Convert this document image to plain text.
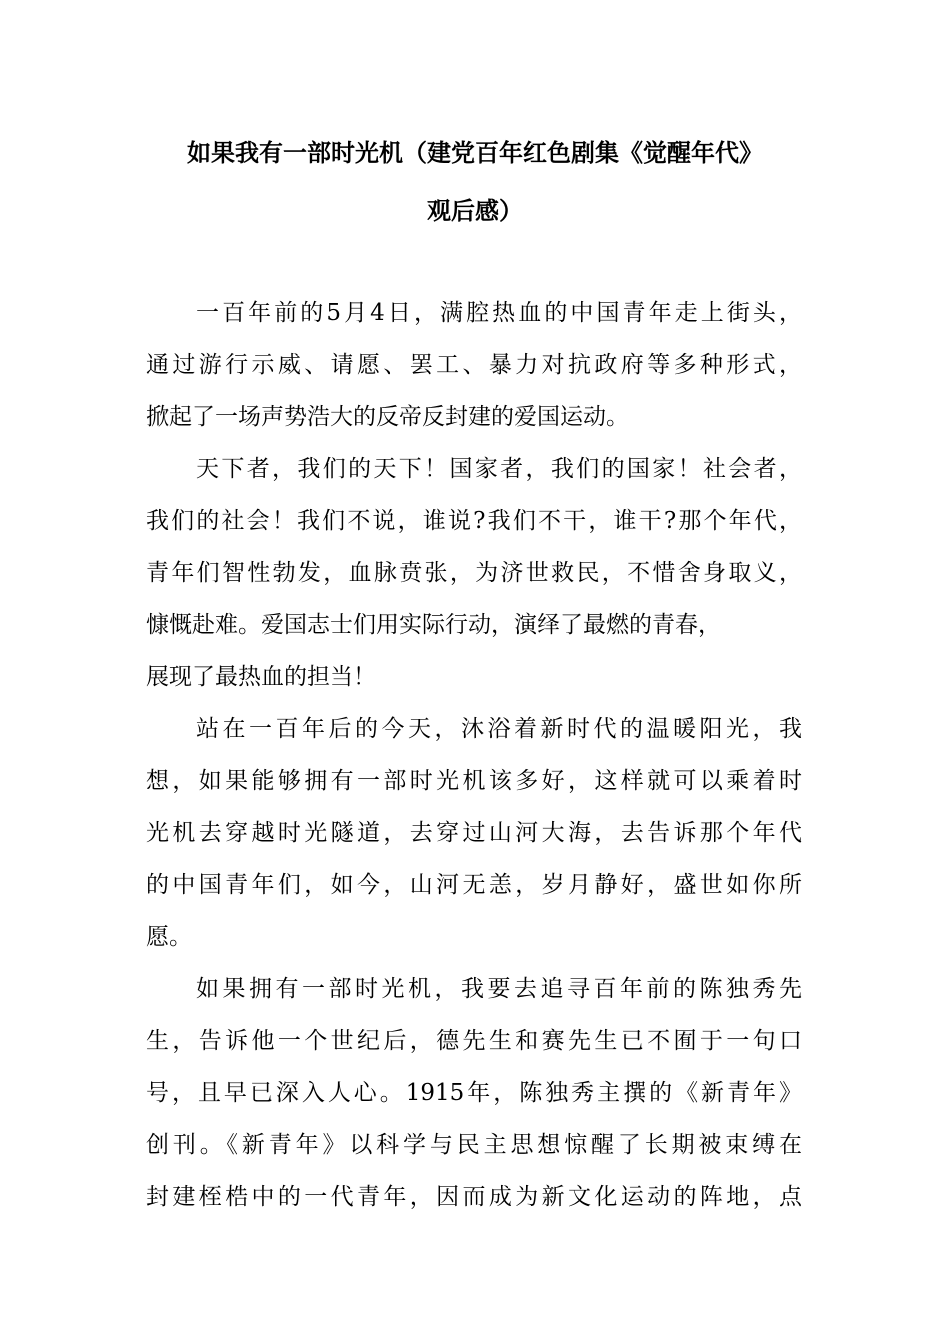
如果我有一部时光机（建党百年红色剧集《觉醒年代》
观后感）
一百年前的5月4日，满腔热血的中国青年走上街头，
通过游行示威、请愿、罢工、暴力对抗政府等多种形式，
掀起了一场声势浩大的反帝反封建的爱国运动。
天下者，我们的天下！国家者，我们的国家！社会者，
我们的社会！我们不说，谁说?我们不干，谁干?那个年代，
青年们智性勃发，血脉贲张，为济世救民，不惜舍身取义，
慷慨赴难。爱国志士们用实际行动，演绎了最燃的青春，
展现了最热血的担当！
站在一百年后的今天，沐浴着新时代的温暖阳光，我
想，如果能够拥有一部时光机该多好，这样就可以乘着时
光机去穿越时光隧道，去穿过山河大海，去告诉那个年代
的中国青年们，如今，山河无恙，岁月静好，盛世如你所
愿。
如果拥有一部时光机，我要去追寻百年前的陈独秀先
生，告诉他一个世纪后，德先生和赛先生已不囿于一句口
号，且早已深入人心。1915年，陈独秀主撰的《新青年》
创刊。《新青年》以科学与民主思想惊醒了长期被束缚在
封建桎梏中的一代青年，因而成为新文化运动的阵地，点
